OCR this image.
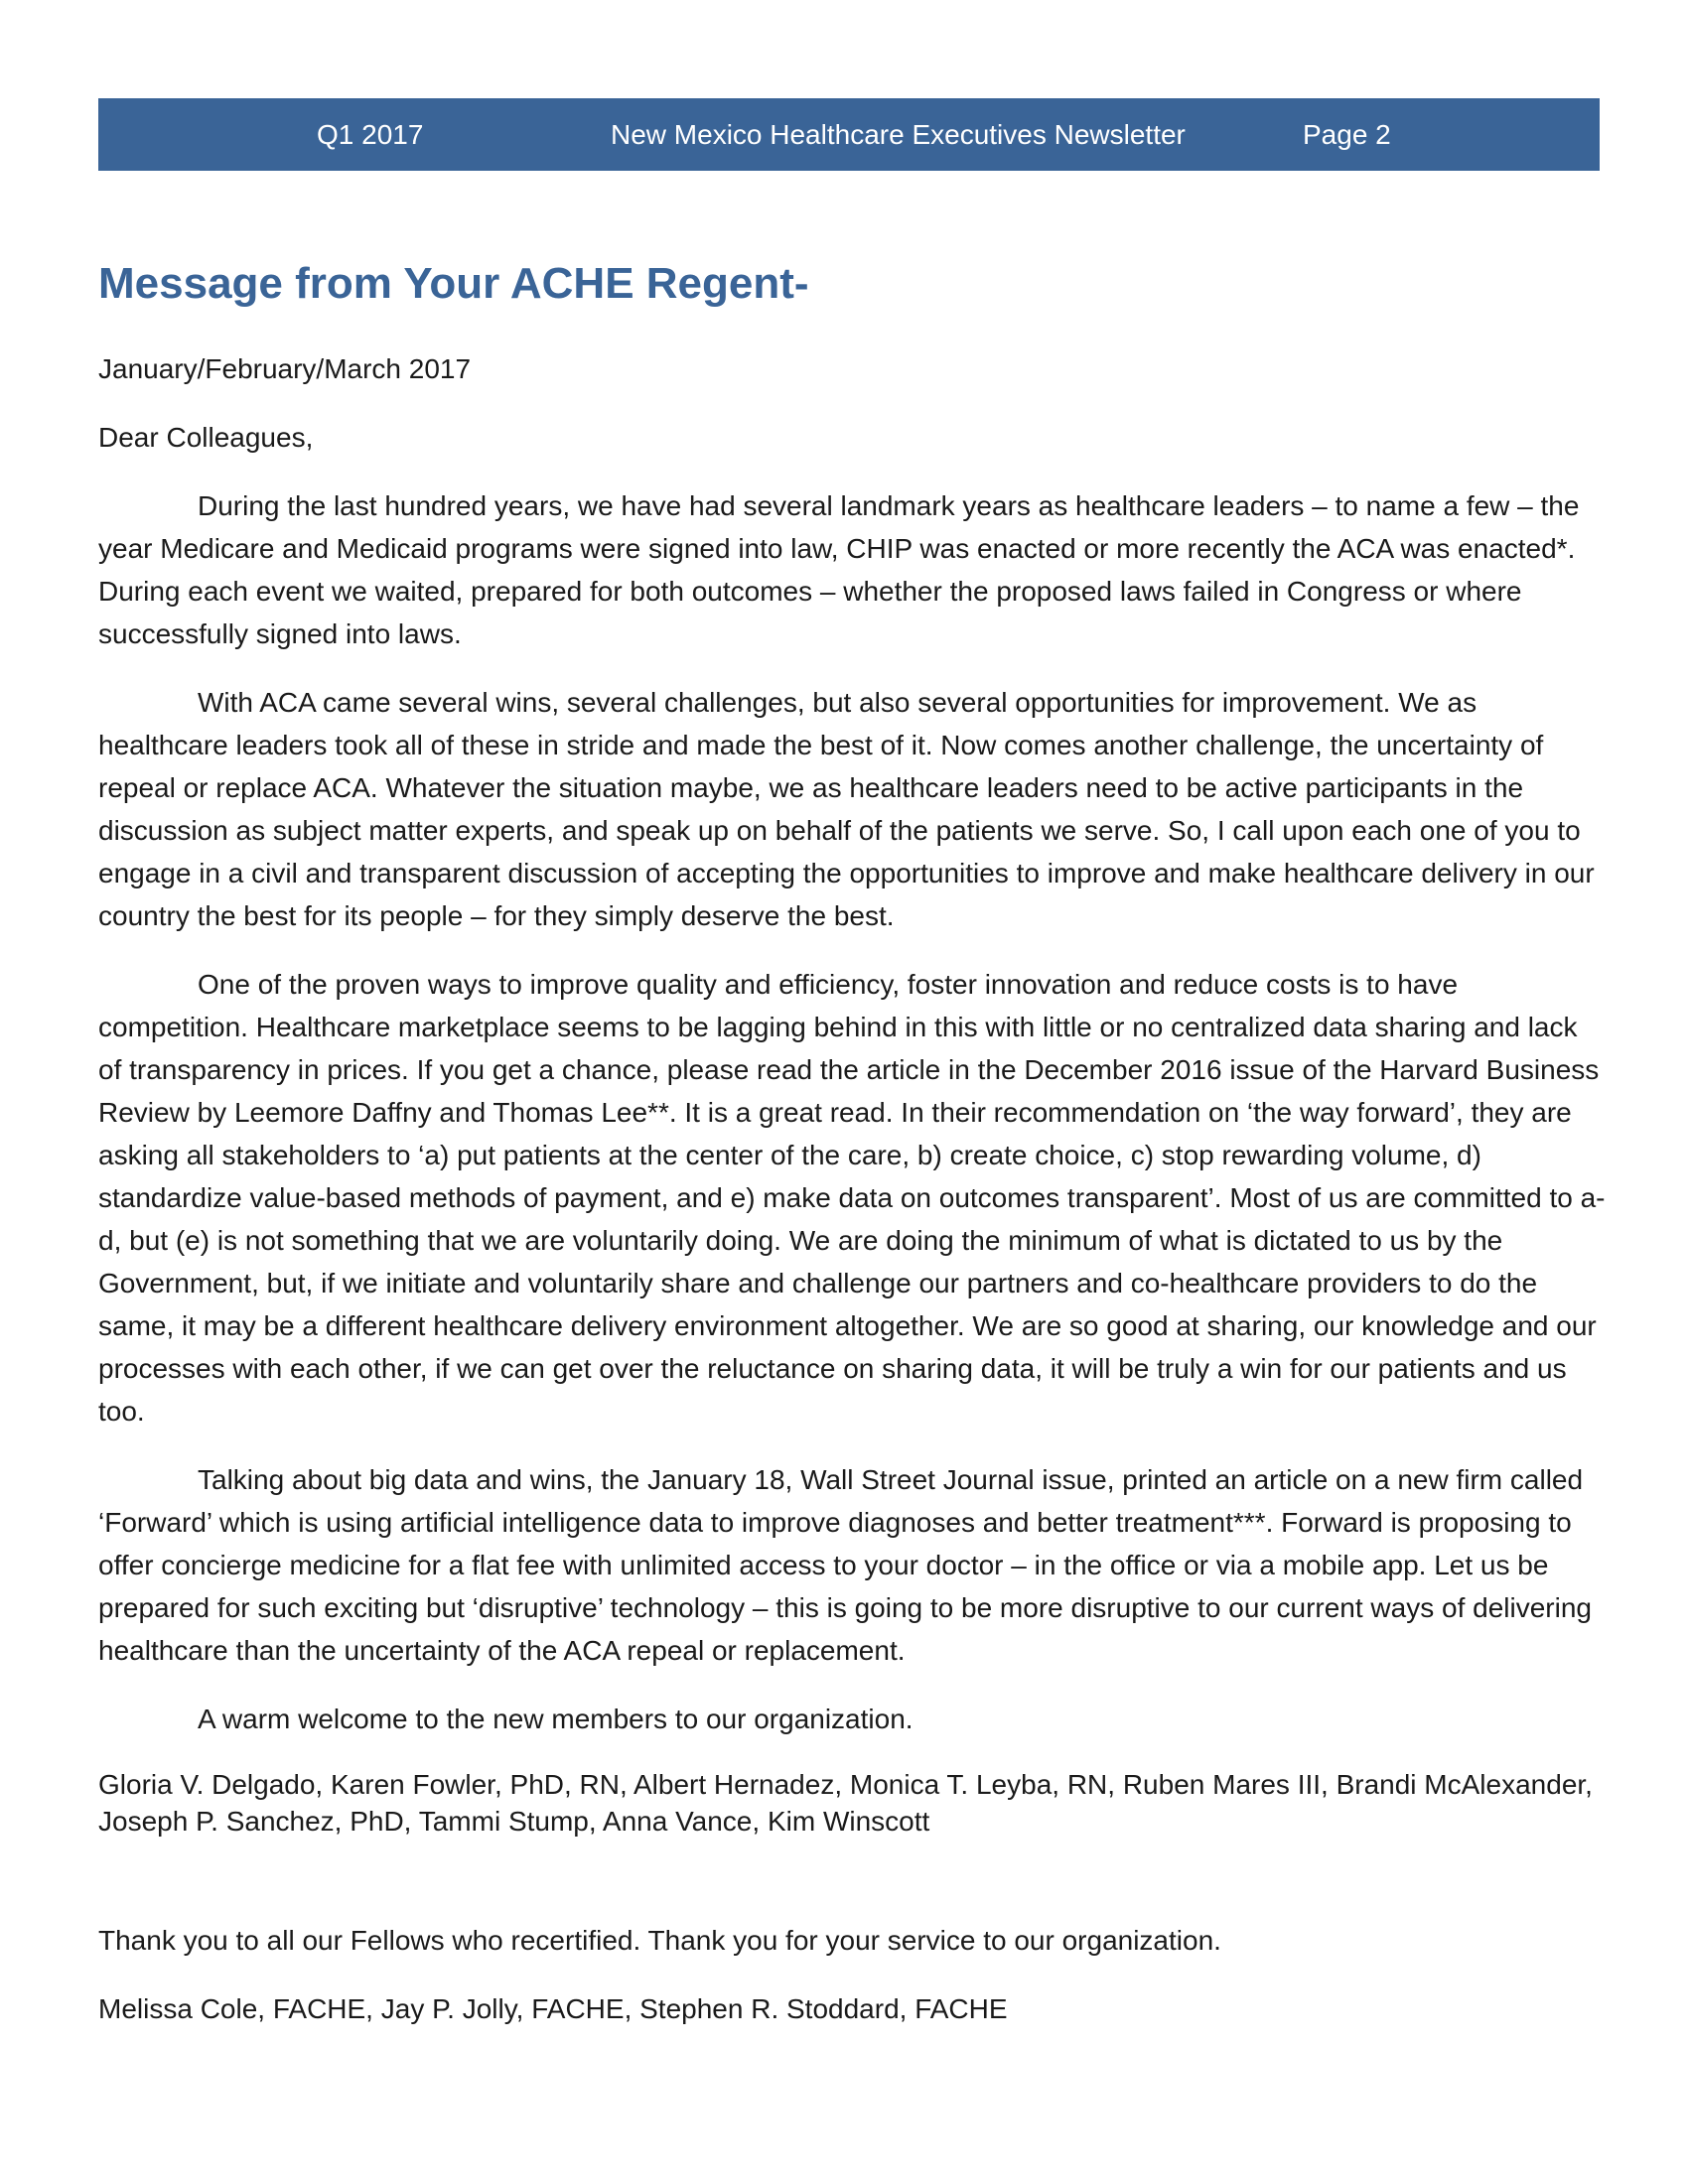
Q1 2017	New Mexico Healthcare Executives Newsletter	Page 2
Message from Your ACHE Regent-

January/February/March 2017

Dear Colleagues,

During the last hundred years, we have had several landmark years as healthcare leaders – to name a few – the year Medicare and Medicaid programs were signed into law, CHIP was enacted or more recently the ACA was enacted*. During each event we waited, prepared for both outcomes – whether the proposed laws failed in Congress or where successfully signed into laws.

With ACA came several wins, several challenges, but also several opportunities for improvement. We as healthcare leaders took all of these in stride and made the best of it. Now comes another challenge, the uncertainty of repeal or replace ACA. Whatever the situation maybe, we as healthcare leaders need to be active participants in the discussion as subject matter experts, and speak up on behalf of the patients we serve. So, I call upon each one of you to engage in a civil and transparent discussion of accepting the opportunities to improve and make healthcare delivery in our country the best for its people – for they simply deserve the best.

One of the proven ways to improve quality and efficiency, foster innovation and reduce costs is to have competition. Healthcare marketplace seems to be lagging behind in this with little or no centralized data sharing and lack of transparency in prices. If you get a chance, please read the article in the December 2016 issue of the Harvard Business Review by Leemore Daffny and Thomas Lee**. It is a great read. In their recommendation on ‘the way forward’, they are asking all stakeholders to ‘a) put patients at the center of the care, b) create choice, c) stop rewarding volume, d) standardize value-based methods of payment, and e) make data on outcomes transparent’. Most of us are committed to a-d, but (e) is not something that we are voluntarily doing. We are doing the minimum of what is dictated to us by the Government, but, if we initiate and voluntarily share and challenge our partners and co-healthcare providers to do the same, it may be a different healthcare delivery environment altogether. We are so good at sharing, our knowledge and our processes with each other, if we can get over the reluctance on sharing data, it will be truly a win for our patients and us too.

Talking about big data and wins, the January 18, Wall Street Journal issue, printed an article on a new firm called ‘Forward’ which is using artificial intelligence data to improve diagnoses and better treatment***. Forward is proposing to offer concierge medicine for a flat fee with unlimited access to your doctor – in the office or via a mobile app. Let us be prepared for such exciting but ‘disruptive’ technology – this is going to be more disruptive to our current ways of delivering healthcare than the uncertainty of the ACA repeal or replacement.

A warm welcome to the new members to our organization.

Gloria V. Delgado, Karen Fowler, PhD, RN, Albert Hernadez, Monica T. Leyba, RN, Ruben Mares III, Brandi McAlexander, Joseph P. Sanchez, PhD, Tammi Stump, Anna Vance, Kim Winscott

Thank you to all our Fellows who recertified. Thank you for your service to our organization.

Melissa Cole, FACHE, Jay P. Jolly, FACHE, Stephen R. Stoddard, FACHE
